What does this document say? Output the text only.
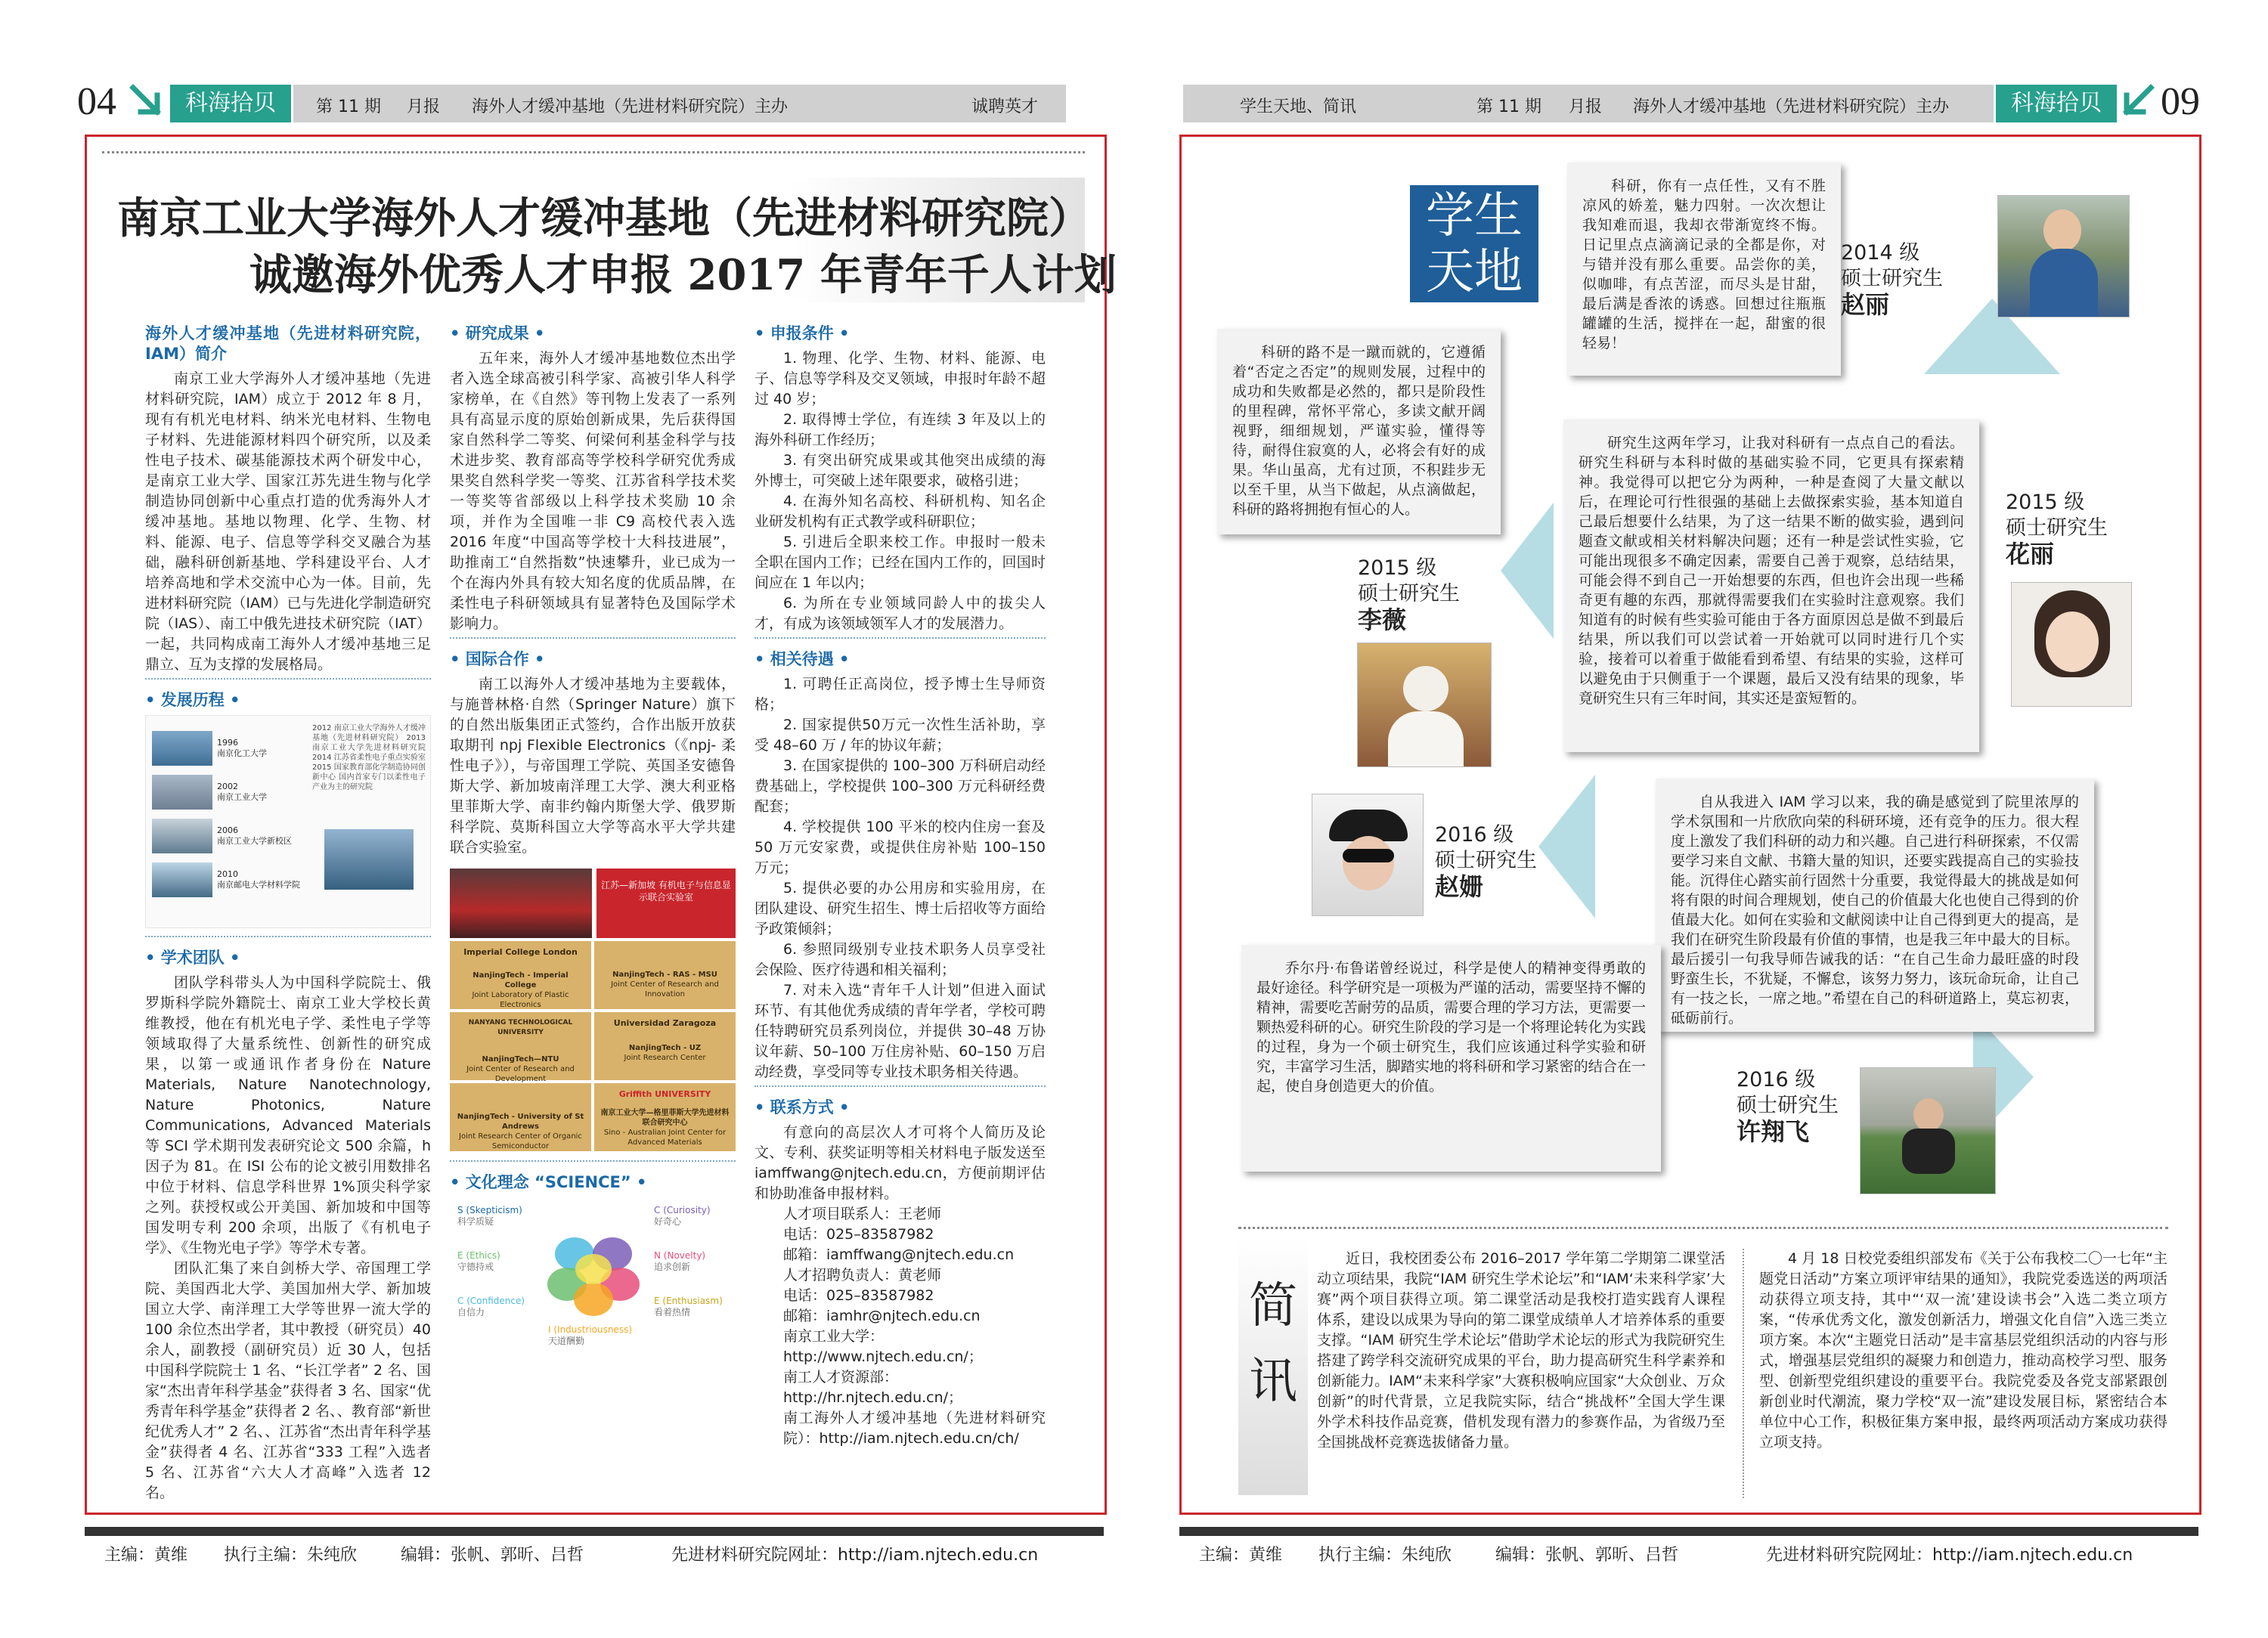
04	科海拾贝	第 11 期 月报 海外人才缓冲基地（先进材料研究院）主办	诚聘英才
南京工业大学海外人才缓冲基地（先进材料研究院）
诚邀海外优秀人才申报 2017 年青年千人计划
海外人才缓冲基地（先进材料研究院，IAM）简介

南京工业大学海外人才缓冲基地（先进材料研究院，IAM）成立于 2012 年 8 月，现有有机光电材料、纳米光电材料、生物电子材料、先进能源材料四个研究所，以及柔性电子技术、碳基能源技术两个研发中心，是南京工业大学、国家江苏先进生物与化学制造协同创新中心重点打造的优秀海外人才缓冲基地。基地以物理、化学、生物、材料、能源、电子、信息等学科交叉融合为基础，融科研创新基地、学科建设平台、人才培养高地和学术交流中心为一体。目前，先进材料研究院（IAM）已与先进化学制造研究院（IAS）、南工中俄先进技术研究院（IAT）一起，共同构成南工海外人才缓冲基地三足鼎立、互为支撑的发展格局。

• 发展历程 •
1996
南京化工大学
2002
南京工业大学
2006
南京工业大学新校区
2010
南京邮电大学材料学院
2012 南京工业大学海外人才缓冲基地（先进材料研究院） 2013 南京工业大学先进材料研究院 2014 江苏省柔性电子重点实验室 2015 国家教育部化学制造协同创新中心 国内首家专门以柔性电子产业为主的研究院
• 学术团队 •

团队学科带头人为中国科学院院士、俄罗斯科学院外籍院士、南京工业大学校长黄维教授，他在有机光电子学、柔性电子学等领域取得了大量系统性、创新性的研究成果，以第一或通讯作者身份在 Nature Materials, Nature Nanotechnology, Nature Photonics, Nature Communications, Advanced Materials 等 SCI 学术期刊发表研究论文 500 余篇，h 因子为 81。在 ISI 公布的论文被引用数排名中位于材料、信息学科世界 1%顶尖科学家之列。获授权或公开美国、新加坡和中国等国发明专利 200 余项，出版了《有机电子学》、《生物光电子学》等学术专著。

团队汇集了来自剑桥大学、帝国理工学院、美国西北大学、美国加州大学、新加坡国立大学、南洋理工大学等世界一流大学的 100 余位杰出学者，其中教授（研究员）40 余人，副教授（副研究员）近 30 人，包括中国科学院院士 1 名、“长江学者” 2 名、国家“杰出青年科学基金”获得者 3 名、国家“优秀青年科学基金”获得者 2 名、、教育部“新世纪优秀人才” 2 名、、江苏省“杰出青年科学基金”获得者 4 名、江苏省“333 工程”入选者 5 名、江苏省“六大人才高峰”入选者 12 名。

• 研究成果 •

五年来，海外人才缓冲基地数位杰出学者入选全球高被引科学家、高被引华人科学家榜单，在《自然》等刊物上发表了一系列具有高显示度的原始创新成果，先后获得国家自然科学二等奖、何梁何利基金科学与技术进步奖、教育部高等学校科学研究优秀成果奖自然科学奖一等奖、江苏省科学技术奖一等奖等省部级以上科学技术奖励 10 余项，并作为全国唯一非 C9 高校代表入选 2016 年度“中国高等学校十大科技进展”，助推南工“自然指数”快速攀升，业已成为一个在海内外具有较大知名度的优质品牌，在柔性电子科研领域具有显著特色及国际学术影响力。

• 国际合作 •

南工以海外人才缓冲基地为主要载体，与施普林格·自然（Springer Nature）旗下的自然出版集团正式签约，合作出版开放获取期刊 npj Flexible Electronics（《npj- 柔性电子》），与帝国理工学院、英国圣安德鲁斯大学、新加坡南洋理工大学、澳大利亚格里菲斯大学、南非约翰内斯堡大学、俄罗斯科学院、莫斯科国立大学等高水平大学共建联合实验室。

江苏—新加坡 有机电子与信息显示联合实验室
Imperial College London
NanjingTech - Imperial College
Joint Laboratory of Plastic Electronics
NanjingTech - RAS - MSU
Joint Center of Research and Innovation
NANYANG TECHNOLOGICAL UNIVERSITY
NanjingTech—NTU
Joint Center of Research and Development
Universidad Zaragoza
NanjingTech - UZ
Joint Research Center
NanjingTech - University of St Andrews
Joint Research Center of Organic Semiconductor
Griffith UNIVERSITY
南京工业大学—格里菲斯大学先进材料联合研究中心
Sino - Australian Joint Center for Advanced Materials
• 文化理念 “SCIENCE” •
S (Skepticism)
科学质疑
C (Curiosity)
好奇心
E (Ethics)
守德持戒
N (Novelty)
追求创新
C (Confidence)
自信力
I (Industriousness)
天道酬勤
E (Enthusiasm)
看着热情
• 申报条件 •

1. 物理、化学、生物、材料、能源、电子、信息等学科及交叉领域，申报时年龄不超过 40 岁；

2. 取得博士学位，有连续 3 年及以上的海外科研工作经历；

3. 有突出研究成果或其他突出成绩的海外博士，可突破上述年限要求，破格引进；

4. 在海外知名高校、科研机构、知名企业研发机构有正式教学或科研职位；

5. 引进后全职来校工作。申报时一般未全职在国内工作；已经在国内工作的，回国时间应在 1 年以内；

6. 为所在专业领域同龄人中的拔尖人才，有成为该领域领军人才的发展潜力。

• 相关待遇 •

1. 可聘任正高岗位，授予博士生导师资格；

2. 国家提供50万元一次性生活补助，享受 48–60 万 / 年的协议年薪；

3. 在国家提供的 100–300 万科研启动经费基础上，学校提供 100–300 万元科研经费配套；

4. 学校提供 100 平米的校内住房一套及 50 万元安家费，或提供住房补贴 100–150 万元；

5. 提供必要的办公用房和实验用房，在团队建设、研究生招生、博士后招收等方面给予政策倾斜；

6. 参照同级别专业技术职务人员享受社会保险、医疗待遇和相关福利；

7. 对未入选“青年千人计划”但进入面试环节、有其他优秀成绩的青年学者，学校可聘任特聘研究员系列岗位，并提供 30–48 万协议年薪、50–100 万住房补贴、60–150 万启动经费，享受同等专业技术职务相关待遇。

• 联系方式 •

有意向的高层次人才可将个人简历及论文、专利、获奖证明等相关材料电子版发送至 iamffwang@njtech.edu.cn，方便前期评估和协助准备申报材料。

人才项目联系人：王老师
电话：025–83587982
邮箱：iamffwang@njtech.edu.cn
人才招聘负责人：黄老师
电话：025–83587982
邮箱：iamhr@njtech.edu.cn
南京工业大学：
http://www.njtech.edu.cn/；
南工人才资源部：
http://hr.njtech.edu.cn/；
南工海外人才缓冲基地（先进材料研究院）：http://iam.njtech.edu.cn/ch/
主编：黄维 执行主编：朱纯欣	编辑：张帆、郭昕、吕哲	先进材料研究院网址：http://iam.njtech.edu.cn
学生天地、简讯	第 11 期 月报 海外人才缓冲基地（先进材料研究院）主办	科海拾贝	09
学生
天地

科研，你有一点任性，又有不胜凉风的娇羞，魅力四射。一次次想让我知难而退，我却衣带渐宽终不悔。日记里点点滴滴记录的全都是你，对与错并没有那么重要。品尝你的美，似咖啡，有点苦涩，而尽头是甘甜，最后满是香浓的诱惑。回想过往瓶瓶罐罐的生活，搅拌在一起，甜蜜的很轻易！

2014 级
硕士研究生
赵丽

科研的路不是一蹴而就的，它遵循着“否定之否定”的规则发展，过程中的成功和失败都是必然的，都只是阶段性的里程碑，常怀平常心，多读文献开阔视野，细细规划，严谨实验，懂得等待，耐得住寂寞的人，必将会有好的成果。华山虽高，尤有过顶，不积跬步无以至千里，从当下做起，从点滴做起，科研的路将拥抱有恒心的人。

2015 级
硕士研究生
李薇

研究生这两年学习，让我对科研有一点点自己的看法。研究生科研与本科时做的基础实验不同，它更具有探索精神。我觉得可以把它分为两种，一种是查阅了大量文献以后，在理论可行性很强的基础上去做探索实验，基本知道自己最后想要什么结果，为了这一结果不断的做实验，遇到问题查文献或相关材料解决问题；还有一种是尝试性实验，它可能出现很多不确定因素，需要自己善于观察，总结结果，可能会得不到自己一开始想要的东西，但也许会出现一些稀奇更有趣的东西，那就得需要我们在实验时注意观察。我们知道有的时候有些实验可能由于各方面原因总是做不到最后结果，所以我们可以尝试着一开始就可以同时进行几个实验，接着可以着重于做能看到希望、有结果的实验，这样可以避免由于只侧重于一个课题，最后又没有结果的现象，毕竟研究生只有三年时间，其实还是蛮短暂的。

2015 级
硕士研究生
花丽

自从我进入 IAM 学习以来，我的确是感觉到了院里浓厚的学术氛围和一片欣欣向荣的科研环境，还有竞争的压力。很大程度上激发了我们科研的动力和兴趣。自己进行科研探索，不仅需要学习来自文献、书籍大量的知识，还要实践提高自己的实验技能。沉得住心踏实前行固然十分重要，我觉得最大的挑战是如何将有限的时间合理规划，使自己的价值最大化也使自己得到的价值最大化。如何在实验和文献阅读中让自己得到更大的提高，是我们在研究生阶段最有价值的事情，也是我三年中最大的目标。最后援引一句我导师告诫我的话：“在自己生命力最旺盛的时段野蛮生长，不犹疑，不懈怠，该努力努力，该玩命玩命，让自己有一技之长，一席之地。”希望在自己的科研道路上，莫忘初衷，砥砺前行。

2016 级
硕士研究生
赵姗

乔尔丹·布鲁诺曾经说过，科学是使人的精神变得勇敢的最好途径。科学研究是一项极为严谨的活动，需要坚持不懈的精神，需要吃苦耐劳的品质，需要合理的学习方法，更需要一颗热爱科研的心。研究生阶段的学习是一个将理论转化为实践的过程，身为一个硕士研究生，我们应该通过科学实验和研究，丰富学习生活，脚踏实地的将科研和学习紧密的结合在一起，使自身创造更大的价值。	2016 级
硕士研究生
许翔飞
简
讯

近日，我校团委公布 2016–2017 学年第二学期第二课堂活动立项结果，我院“IAM 研究生学术论坛”和“IAM‘未来科学家’大赛”两个项目获得立项。第二课堂活动是我校打造实践育人课程体系，建设以成果为导向的第二课堂成绩单人才培养体系的重要支撑。“IAM 研究生学术论坛”借助学术论坛的形式为我院研究生搭建了跨学科交流研究成果的平台，助力提高研究生科学素养和创新能力。IAM“未来科学家”大赛积极响应国家“大众创业、万众创新”的时代背景，立足我院实际，结合“挑战杯”全国大学生课外学术科技作品竞赛，借机发现有潜力的参赛作品，为省级乃至全国挑战杯竞赛选拔储备力量。

4 月 18 日校党委组织部发布《关于公布我校二〇一七年“主题党日活动”方案立项评审结果的通知》，我院党委选送的两项活动获得立项支持，其中“‘双一流’建设读书会”入选二类立项方案，“传承优秀文化，激发创新活力，增强文化自信”入选三类立项方案。本次“主题党日活动”是丰富基层党组织活动的内容与形式，增强基层党组织的凝聚力和创造力，推动高校学习型、服务型、创新型党组织建设的重要平台。我院党委及各党支部紧跟创新创业时代潮流，聚力学校“双一流”建设发展目标，紧密结合本单位中心工作，积极征集方案申报，最终两项活动方案成功获得立项支持。

主编：黄维 执行主编：朱纯欣	编辑：张帆、郭昕、吕哲	先进材料研究院网址：http://iam.njtech.edu.cn
